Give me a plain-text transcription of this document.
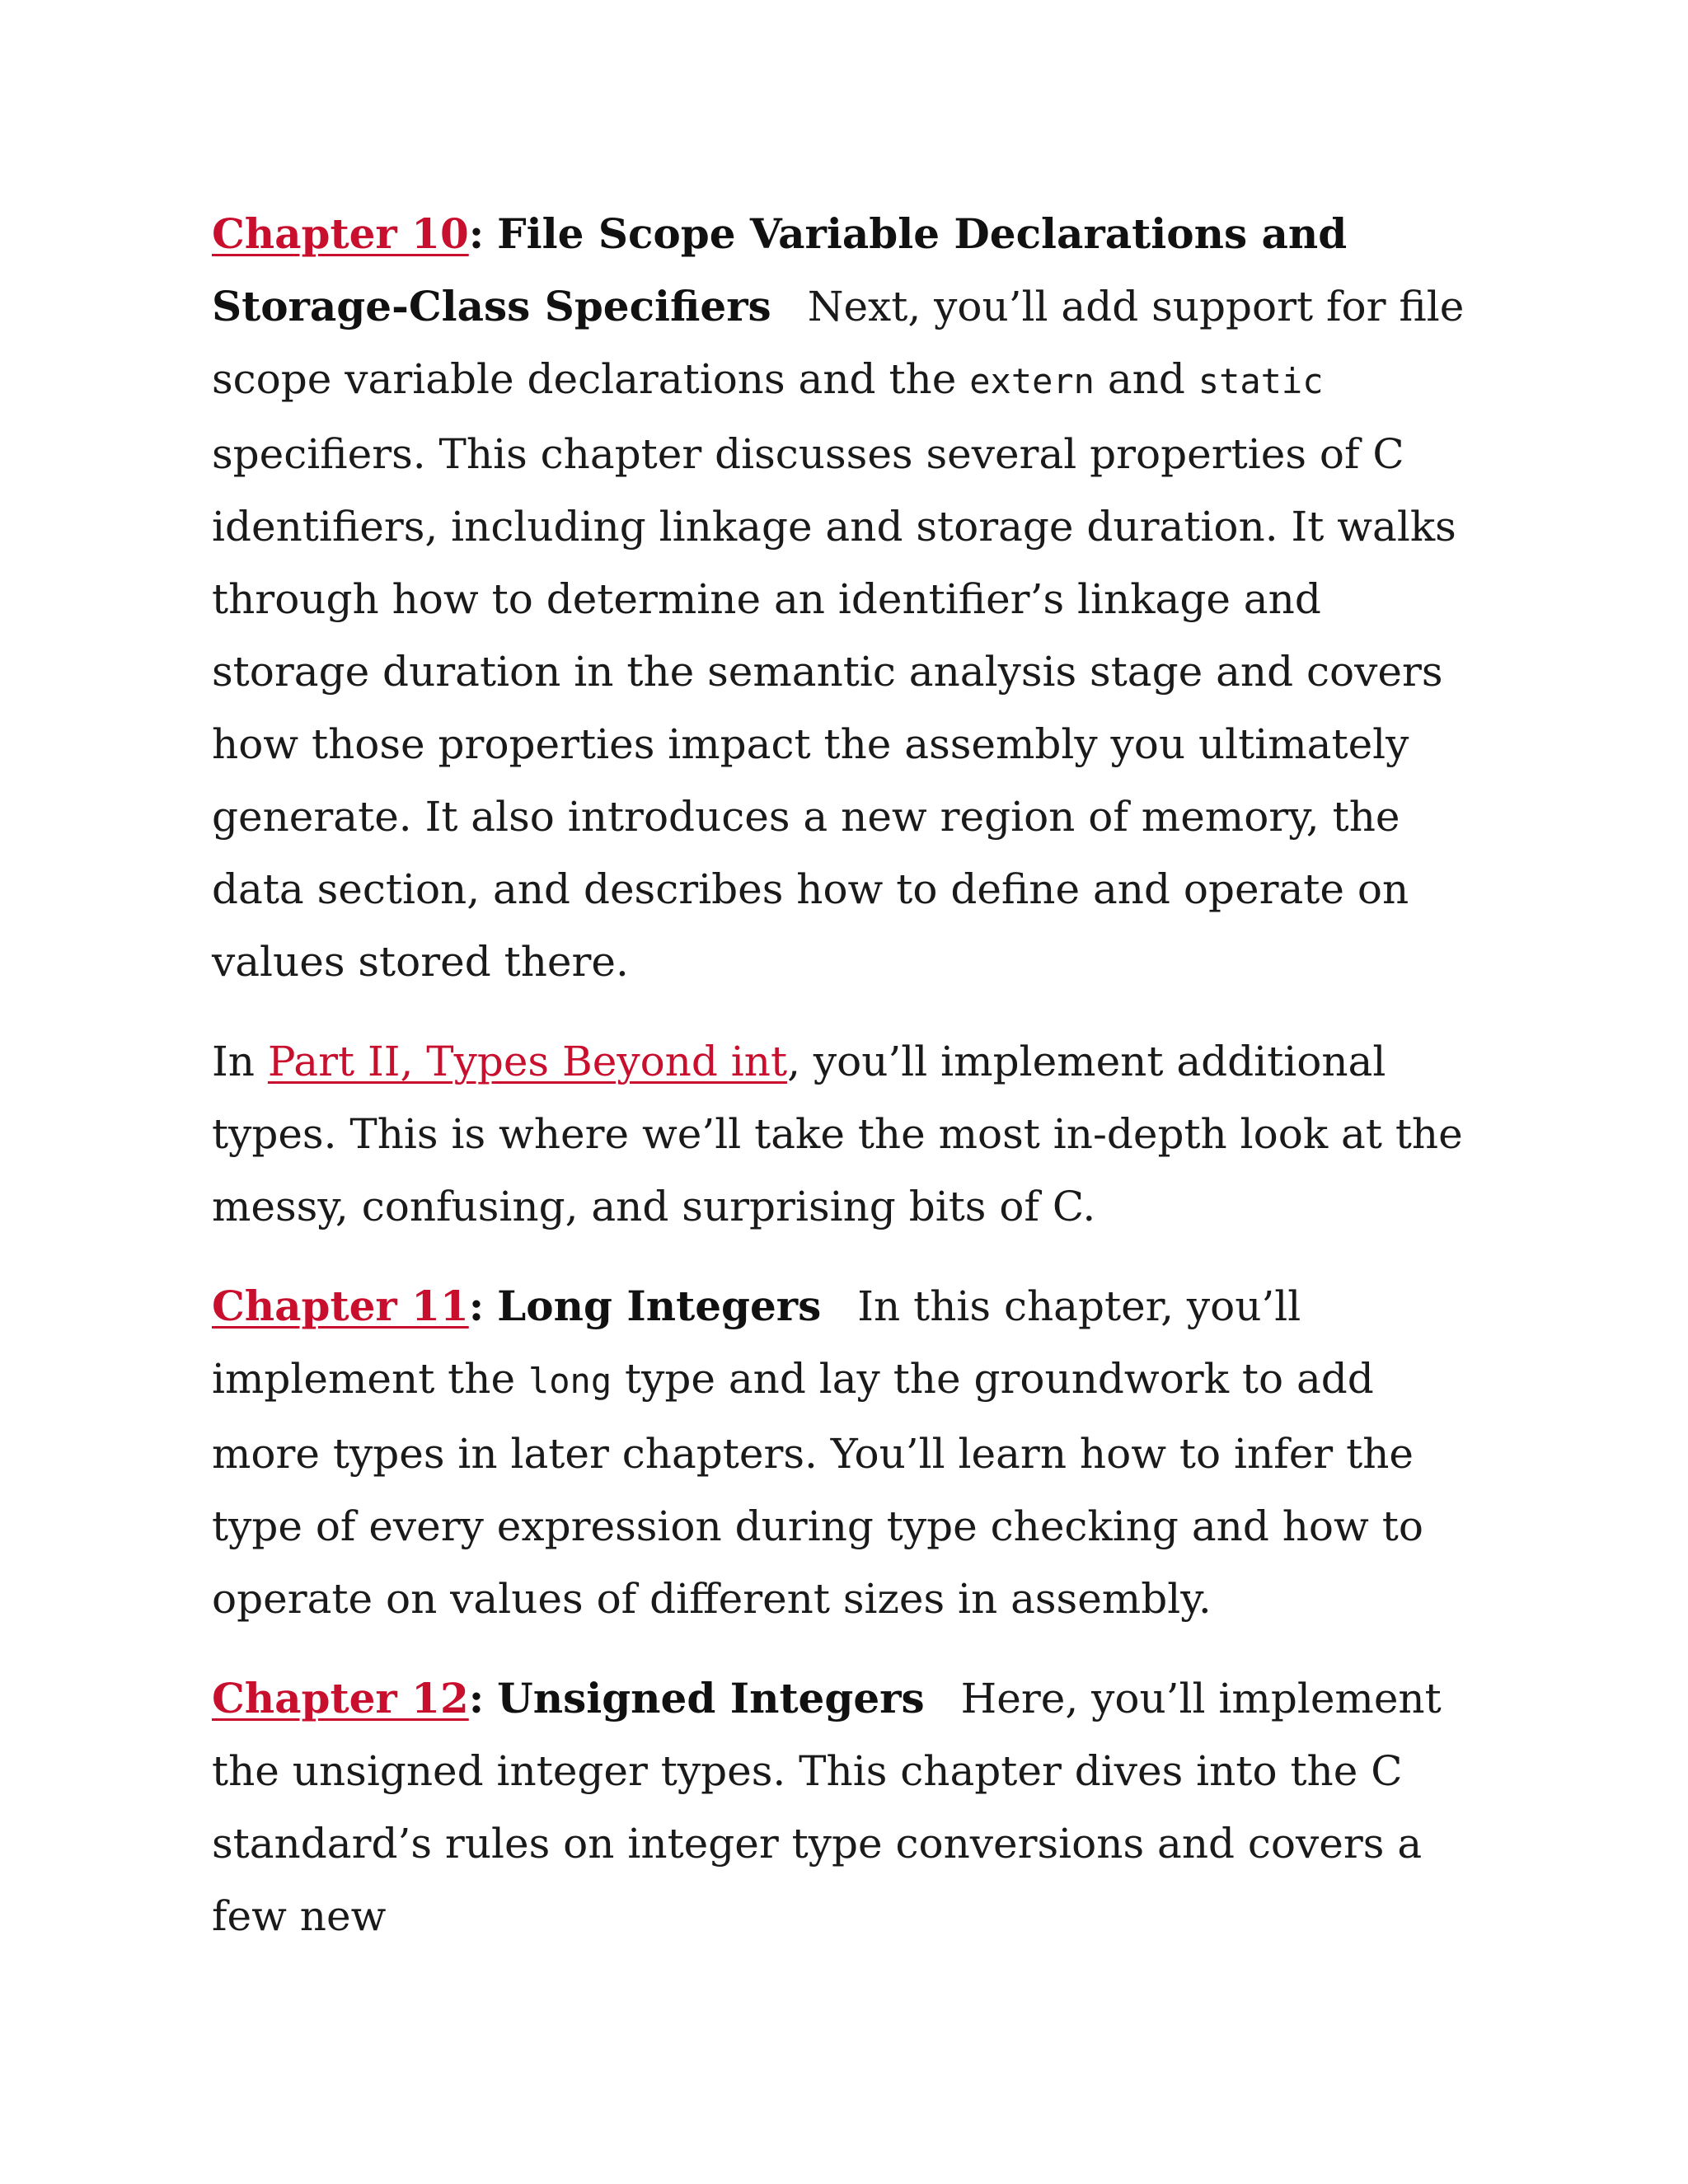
Chapter 10: File Scope Variable Declarations and Storage-Class Specifiers Next, you’ll add support for file scope variable declarations and the extern and static specifiers. This chapter discusses several properties of C identifiers, including linkage and storage duration. It walks through how to determine an identifier’s linkage and storage duration in the semantic analysis stage and covers how those properties impact the assembly you ultimately generate. It also introduces a new region of memory, the data section, and describes how to define and operate on values stored there.

In Part II, Types Beyond int, you’ll implement additional types. This is where we’ll take the most in-depth look at the messy, confusing, and surprising bits of C.

Chapter 11: Long Integers In this chapter, you’ll implement the long type and lay the groundwork to add more types in later chapters. You’ll learn how to infer the type of every expression during type checking and how to operate on values of different sizes in assembly.

Chapter 12: Unsigned Integers Here, you’ll implement the unsigned integer types. This chapter dives into the C standard’s rules on integer type conversions and covers a few new
